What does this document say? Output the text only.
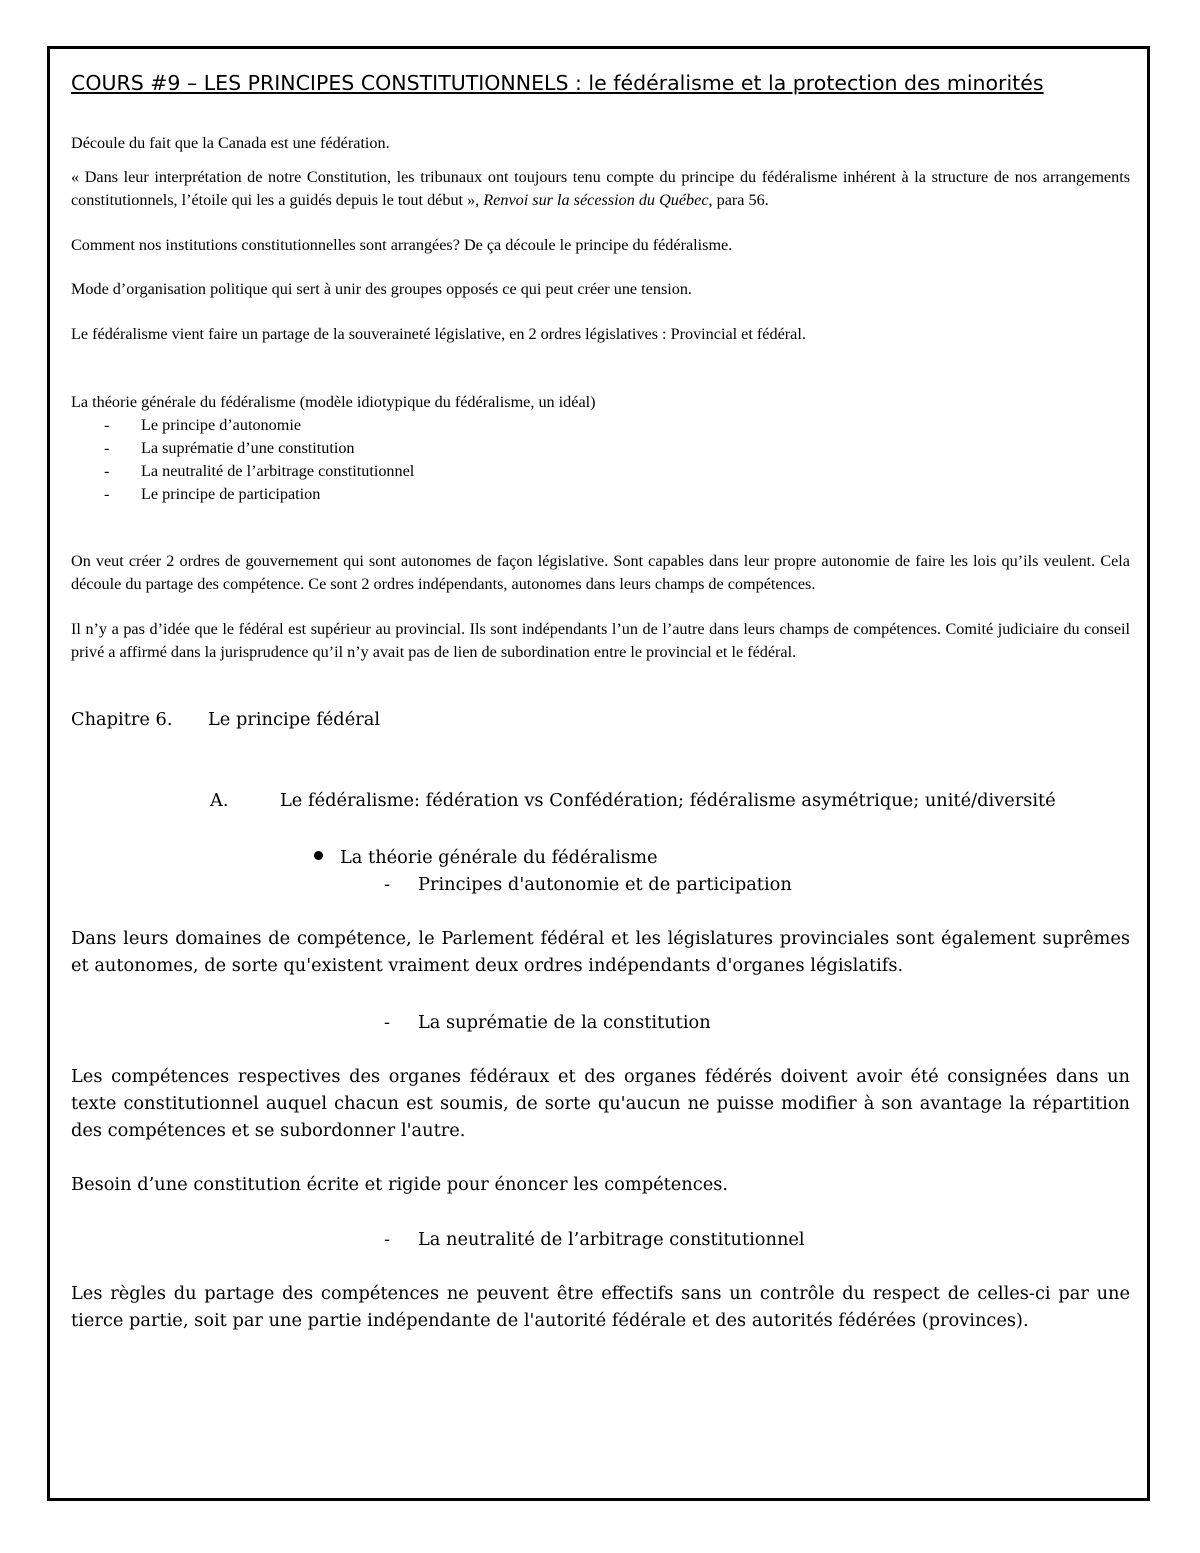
COURS #9 – LES PRINCIPES CONSTITUTIONNELS : le fédéralisme et la protection des minorités

Découle du fait que la Canada est une fédération.

« Dans leur interprétation de notre Constitution, les tribunaux ont toujours tenu compte du principe du fédéralisme inhérent à la structure de nos arrangements constitutionnels, l’étoile qui les a guidés depuis le tout début », Renvoi sur la sécession du Québec, para 56.

Comment nos institutions constitutionnelles sont arrangées? De ça découle le principe du fédéralisme.

Mode d’organisation politique qui sert à unir des groupes opposés ce qui peut créer une tension.

Le fédéralisme vient faire un partage de la souveraineté législative, en 2 ordres législatives : Provincial et fédéral.

La théorie générale du fédéralisme (modèle idiotypique du fédéralisme, un idéal)

- Le principe d’autonomie
- La suprématie d’une constitution
- La neutralité de l’arbitrage constitutionnel
- Le principe de participation

On veut créer 2 ordres de gouvernement qui sont autonomes de façon législative. Sont capables dans leur propre autonomie de faire les lois qu’ils veulent. Cela découle du partage des compétence. Ce sont 2 ordres indépendants, autonomes dans leurs champs de compétences.

Il n’y a pas d’idée que le fédéral est supérieur au provincial. Ils sont indépendants l’un de l’autre dans leurs champs de compétences. Comité judiciaire du conseil privé a affirmé dans la jurisprudence qu’il n’y avait pas de lien de subordination entre le provincial et le fédéral.

Chapitre 6.	Le principe fédéral
A.	Le fédéralisme: fédération vs Confédération; fédéralisme asymétrique; unité/diversité
La théorie générale du fédéralisme
-	Principes d'autonomie et de participation

Dans leurs domaines de compétence, le Parlement fédéral et les législatures provinciales sont également suprêmes et autonomes, de sorte qu'existent vraiment deux ordres indépendants d'organes législatifs.

-	La suprématie de la constitution

Les compétences respectives des organes fédéraux et des organes fédérés doivent avoir été consignées dans un texte constitutionnel auquel chacun est soumis, de sorte qu'aucun ne puisse modifier à son avantage la répartition des compétences et se subordonner l'autre.

Besoin d’une constitution écrite et rigide pour énoncer les compétences.

-	La neutralité de l’arbitrage constitutionnel

Les règles du partage des compétences ne peuvent être effectifs sans un contrôle du respect de celles-ci par une tierce partie, soit par une partie indépendante de l'autorité fédérale et des autorités fédérées (provinces).
